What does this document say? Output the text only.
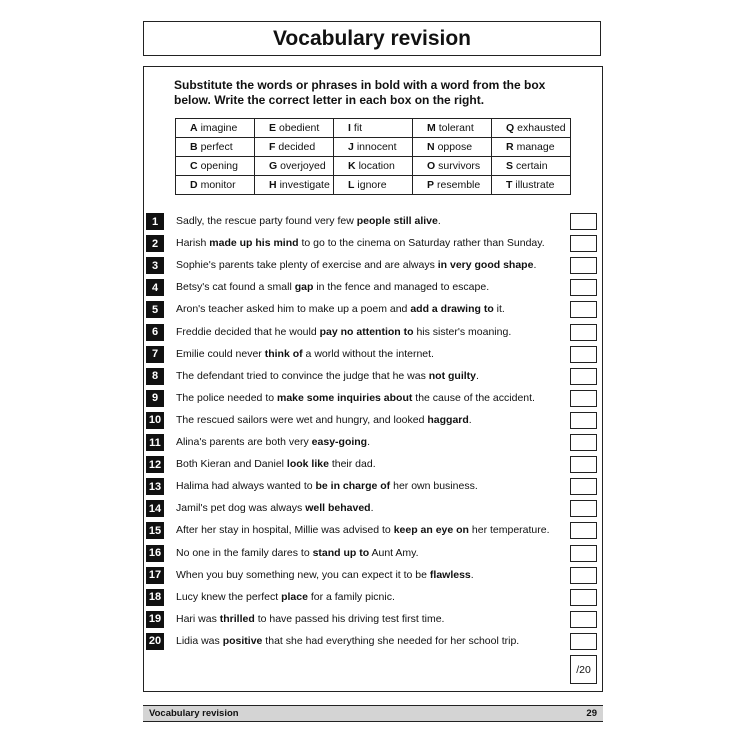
Vocabulary revision
Substitute the words or phrases in bold with a word from the box below. Write the correct letter in each box on the right.
A imagine	E obedient	I fit	M tolerant	Q exhausted
B perfect	F decided	J innocent	N oppose	R manage
C opening	G overjoyed	K location	O survivors	S certain
D monitor	H investigate	L ignore	P resemble	T illustrate
1	Sadly, the rescue party found very few people still alive.
2	Harish made up his mind to go to the cinema on Saturday rather than Sunday.
3	Sophie's parents take plenty of exercise and are always in very good shape.
4	Betsy's cat found a small gap in the fence and managed to escape.
5	Aron's teacher asked him to make up a poem and add a drawing to it.
6	Freddie decided that he would pay no attention to his sister's moaning.
7	Emilie could never think of a world without the internet.
8	The defendant tried to convince the judge that he was not guilty.
9	The police needed to make some inquiries about the cause of the accident.
10 The rescued sailors were wet and hungry, and looked haggard.
11	Alina's parents are both very easy-going.
12 Both Kieran and Daniel look like their dad.
13 Halima had always wanted to be in charge of her own business.
14 Jamil's pet dog was always well behaved.
15 After her stay in hospital, Millie was advised to keep an eye on her temperature.
16 No one in the family dares to stand up to Aunt Amy.
17 When you buy something new, you can expect it to be flawless.
18 Lucy knew the perfect place for a family picnic.
19 Hari was thrilled to have passed his driving test first time.
20 Lidia was positive that she had everything she needed for her school trip.
/20
Vocabulary revision	29
